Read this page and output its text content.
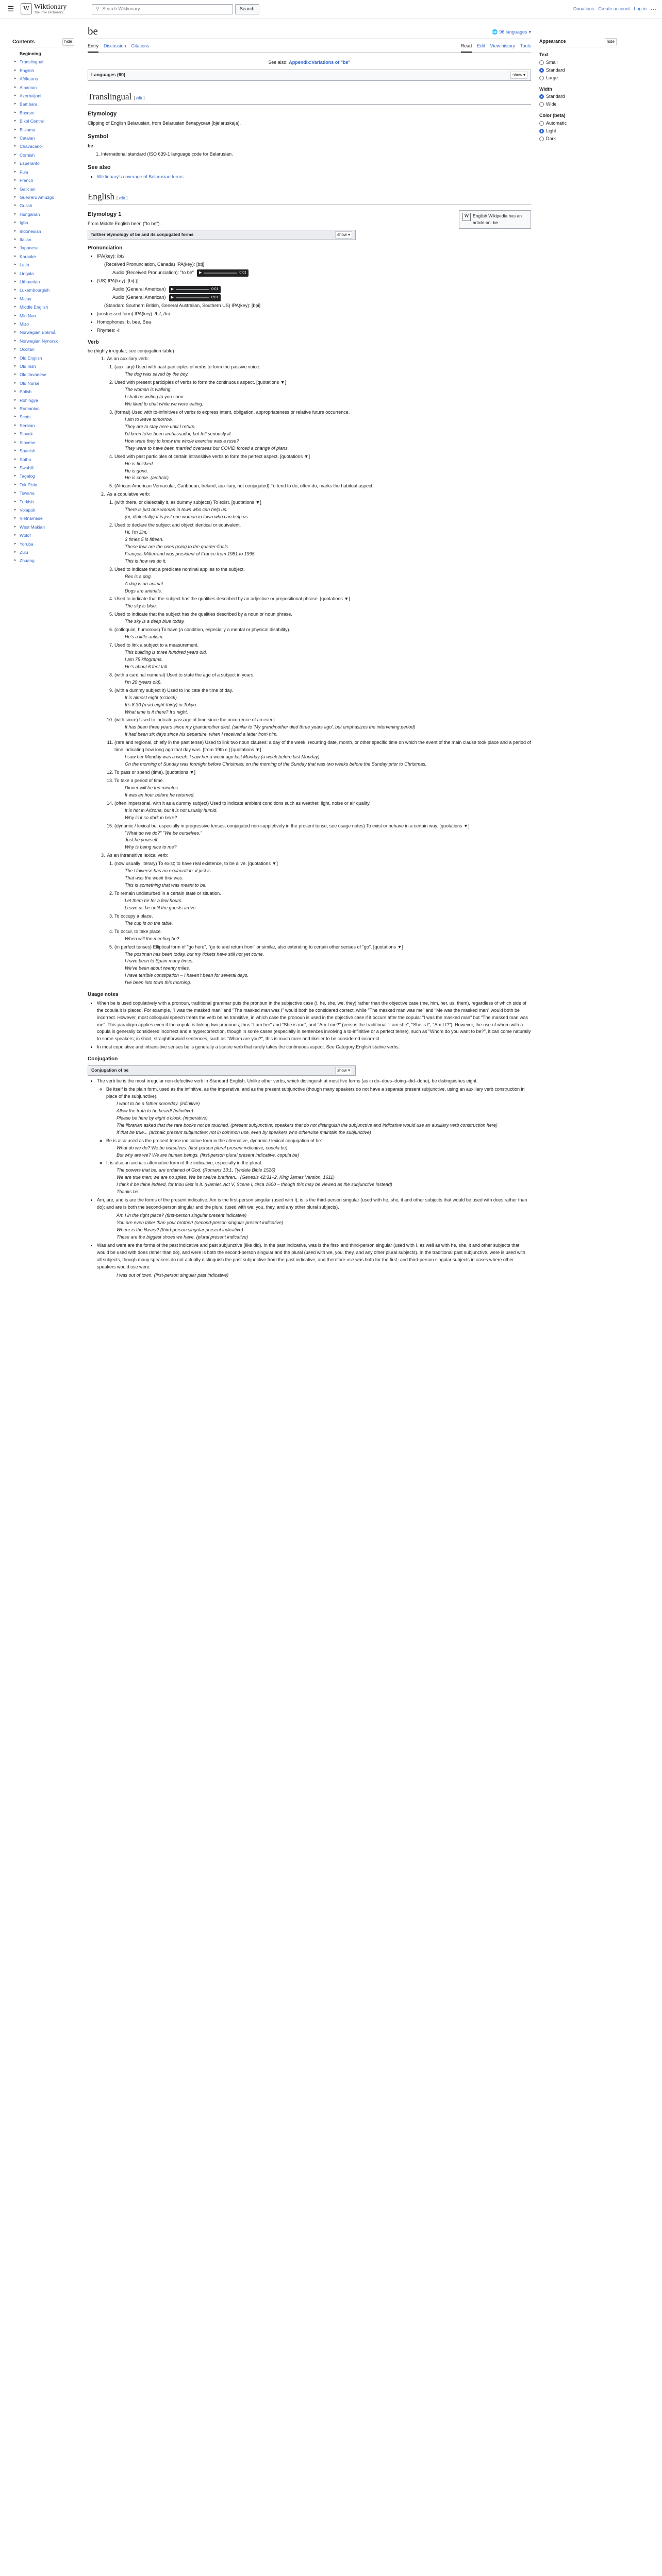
☰	W Wiktionary
The Free Dictionary
⚲ Search Wiktionary	Search	Donations Create account Log in ⋯
Contents	hide
Beginning
▸ Translingual
▸ English
▸ Afrikaans
▸ Albanian
▸ Azerbaijani
▸ Bambara
▸ Basque
▸ Bikol Central
▸ Bislama
▸ Catalan
▸ Chavacano
▸ Cornish
▸ Esperanto
▸ Fula
▸ French
▸ Galician
▸ Guerrero Amuzgo
▸ Gullah
▸ Hungarian
▸ Igbo
▸ Indonesian
▸ Italian
▸ Japanese
▸ Karaoke
▸ Latin
▸ Lingala
▸ Lithuanian
▸ Luxembourgish
▸ Malay
▸ Middle English
▸ Min Nan
▸ Mizo
▸ Norwegian Bokmål
▸ Norwegian Nynorsk
▸ Occitan
▸ Old English
▸ Old Irish
▸ Old Javanese
▸ Old Norse
▸ Polish
▸ Rohingya
▸ Romanian
▸ Scots
▸ Serbian
▸ Slovak
▸ Slovene
▸ Spanish
▸ Sotho
▸ Swahili
▸ Tagalog
▸ Tok Pisin
▸ Tswana
▸ Turkish
▸ Volapük
▸ Vietnamese
▸ West Makian
▸ Wolof
▸ Yoruba
▸ Zulu
▸ Zhuang
Appearance	hide
Text
Small
Standard
Large
Width
Standard
Wide
Color (beta)
Automatic
Light
Dark
be	🌐 96 languages ▾
Entry Discussion Citations	Read Edit View history Tools
See also: Appendix:Variations of "be"
Languages (60)	show ▾
Translingual [ edit ]
Etymology

Clipping of English Belarusian, from Belarusian беларуская (bjelaruskaja).

Symbol

be

1. International standard (ISO 639-1 language code for Belarusian.
See also
• Wiktionary's coverage of Belarusian terms
English [ edit ]
W English Wikipedia has an article on: be
Etymology 1

From Middle English been ("to be").

further etymology of be and its conjugated forms	show ▾
Pronunciation
• IPA(key): /biː/
(Received Pronunciation, Canada) IPA(key): [bɪi̯]
Audio (Received Pronunciation): "to be" ▶	0:01
• (US) IPA(key): [bi(ː)]
Audio (General American) ▶	0:01
Audio (General American) ▶	0:01
(Standard Southern British, General Australian, Southern US) IPA(key): [bə̯i]
• (unstressed form) IPA(key): /bi/, /bɪ/
• Homophones: b, bee, Bea
• Rhymes: -iː
Verb

be (highly irregular; see conjugation table)

1. As an auxiliary verb:
1. (auxiliary) Used with past participles of verbs to form the passive voice.
The dog was saved by the boy.
2. Used with present participles of verbs to form the continuous aspect. [quotations ▼]
The woman is walking.
I shall be writing to you soon.
We liked to chat while we were eating.
3. (formal) Used with to-infinitives of verbs to express intent, obligation, appropriateness or relative future occurrence.
I am to leave tomorrow.
They are to stay here until I return.
I'd been to've been ambassador, but fell seriously ill.
How were they to know the whole exercise was a ruse?
They were to have been married overseas but COVID forced a change of plans.
4. Used with past participles of certain intransitive verbs to form the perfect aspect. [quotations ▼]
He is finished.
He is gone.
He is come. (archaic)
5. (African-American Vernacular, Caribbean, Ireland, auxiliary, not conjugated) To tend to do, often do, marks the habitual aspect.
2. As a copulative verb:
1. (with there, or dialectally it, as dummy subjects) To exist. [quotations ▼]
There is just one woman in town who can help us.
(or, dialectally) It is just one woman in town who can help us.
2. Used to declare the subject and object identical or equivalent.
Hi, I'm Jim.
3 times 5 is fifteen.
These four are the ones going to the quarter-finals.
François Mitterrand was president of France from 1981 to 1995.
This is how we do it.
3. Used to indicate that a predicate nominal applies to the subject.
Rex is a dog.
A dog is an animal.
Dogs are animals.
4. Used to indicate that the subject has the qualities described by an adjective or prepositional phrase. [quotations ▼]
The sky is blue.
5. Used to indicate that the subject has the qualities described by a noun or noun phrase.
The sky is a deep blue today.
6. (colloquial, humorous) To have (a condition, especially a mental or physical disability).
He's a little autism.
7. Used to link a subject to a measurement.
This building is three hundred years old.
I am 75 kilograms.
He's about 6 feet tall.
8. (with a cardinal numeral) Used to state the age of a subject in years.
I'm 20 (years old).
9. (with a dummy subject it) Used to indicate the time of day.
It is almost eight (o'clock).
It's 8:30 (read eight-thirty) in Tokyo.
What time is it there? It's night.
10. (with since) Used to indicate passage of time since the occurrence of an event.
It has been three years since my grandmother died. (similar to 'My grandmother died three years ago', but emphasizes the intervening period)
It had been six days since his departure, when I received a letter from him.
11. (rare and regional, chiefly in the past tense) Used to link two noun clauses: a day of the week, recurring date, month, or other specific time on which the event of the main clause took place and a period of time indicating how long ago that day was. [from 19th c.] [quotations ▼]
I saw her Monday was a week: I saw her a week ago last Monday (a week before last Monday).
On the morning of Sunday was fortnight before Christmas: on the morning of the Sunday that was two weeks before the Sunday prior to Christmas.
12. To pass or spend (time). [quotations ▼]
13. To take a period of time.
Dinner will be ten minutes.
It was an hour before he returned.
14. (often impersonal, with it as a dummy subject) Used to indicate ambient conditions such as weather, light, noise or air quality.
It is hot in Arizona, but it is not usually humid.
Why is it so dark in here?
15. (dynamic / lexical be, especially in progressive tenses, conjugated non-suppletively in the present tense, see usage notes) To exist or behave in a certain way. [quotations ▼]
"What do we do?" "We be ourselves."
Just be yourself.
Why is being nice to me?
3. As an intransitive lexical verb:
1. (now usually literary) To exist; to have real existence, to be alive. [quotations ▼]
The Universe has no explanation: it just is.
That was the week that was.
This is something that was meant to be.
2. To remain undisturbed in a certain state or situation.
Let them be for a few hours.
Leave us be until the guests arrive.
3. To occupy a place.
The cup is on the table.
4. To occur, to take place.
When will the meeting be?
5. (in perfect tenses) Elliptical form of "go here", "go to and return from" or similar, also extending to certain other senses of "go". [quotations ▼]
The postman has been today, but my tickets have still not yet come.
I have been to Spain many times.
We've been about twenty miles.
I have terrible constipation – I haven't been for several days.
I've been into town this morning.
Usage notes
• When be is used copulatively with a pronoun, traditional grammar puts the pronoun in the subjective case (I, he, she, we, they) rather than the objective case (me, him, her, us, them), regardless of which side of the copula it is placed. For example, "I was the masked man" and "The masked man was I" would both be considered correct, while "The masked man was me" and "Me was the masked man" would both be incorrect. However, most colloquial speech treats the verb be as transitive, in which case the pronoun is used in the objective case if it occurs after the copula: "I was the masked man" but "The masked man was me". This paradigm applies even if the copula is linking two pronouns; thus "I am her" and "She is me", and "Am I me?" (versus the traditional "I am she", "She is I", "Am I I?"). However, the use of whom with a copula is generally considered incorrect and a hypercorrection, though in some cases (especially in sentences involving a to-infinitive or a perfect tense), such as "Whom do you want to be?", it can come naturally to some speakers; in short, straightforward sentences, such as "Whom are you?", this is much rarer and likelier to be considered incorrect.
• In most copulative and intransitive senses be is generally a stative verb that rarely takes the continuous aspect. See Category:English stative verbs.
Conjugation
Conjugation of be	show ▾
• The verb be is the most irregular non-defective verb in Standard English. Unlike other verbs, which distinguish at most five forms (as in do–does–doing–did–done), be distinguishes eight.
◦ Be itself is the plain form, used as the infinitive, as the imperative, and as the present subjunctive (though many speakers do not have a separate present subjunctive, using an auxiliary verb construction in place of the subjunctive).
I want to be a father someday. (infinitive)
Allow the truth to be heard! (infinitive)
Please be here by eight o'clock. (imperative)
The librarian asked that the rare books not be touched. (present subjunctive; speakers that do not distinguish the subjunctive and indicative would use an auxiliary verb construction here)
If that be true... (archaic present subjunctive; not in common use, even by speakers who otherwise maintain the subjunctive)
◦ Be is also used as the present tense indicative form in the alternative, dynamic / lexical conjugation of be:
What do we do? We be ourselves. (first-person plural present indicative, copula be)
But why are we? We are human beings. (first-person plural present indicative, copula be)
◦ It is also an archaic alternative form of the indicative, especially in the plural.
The powers that be, are ordained of God. (Romans 13:1, Tyndale Bible 1526)
We are true men; we are no spies: We be twelve brethren... (Genesis 42:31–2, King James Version, 1611)
I think it be thine indeed, for thou liest in it. (Hamlet, Act V, Scene i, circa 1600 – though this may be viewed as the subjunctive instead)
Thanks be.
• Am, are, and is are the forms of the present indicative. Am is the first-person singular (used with I); is is the third-person singular (used with he, she, it and other subjects that would be used with does rather than do); and are is both the second-person singular and the plural (used with we, you, they, and any other plural subjects).
Am I in the right place? (first-person singular present indicative)
You are even taller than your brother! (second-person singular present indicative)
Where is the library? (third-person singular present indicative)
These are the biggest shoes we have. (plural present indicative)
• Was and were are the forms of the past indicative and past subjunctive (like did). In the past indicative, was is the first- and third-person singular (used with I, as well as with he, she, it and other subjects that would be used with does rather than do), and were is both the second-person singular and the plural (used with we, you, they, and any other plural subjects). In the traditional past subjunctive, were is used with all subjects, though many speakers do not actually distinguish the past subjunctive from the past indicative, and therefore use was both for the first- and third-person singular subjects in cases where other speakers would use were.
I was out of town. (first-person singular past indicative)
